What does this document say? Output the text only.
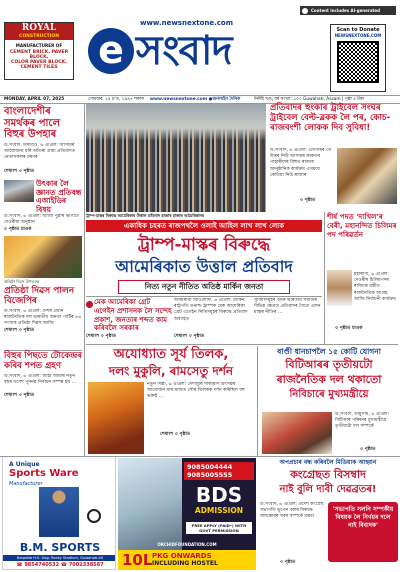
ROYAL
CONSTRUCTION
MANUFACTURER OF
CEMENT BRICK, PAVER BLOCK,
COLOR PAVER BLOCK,
CEMENT TILES
www.newsnextone.com
e সংবাদ
Content includes AI-generated material
Scan to Donate
NEWSNEXTONE.COM
MONDAY, APRIL 07, 2025	সোমবাৰ, ২৪ চ’ত, ১৯৪৭ শকাব্দ www.newsnextone.com ●অনলাইন দৈনিক	নিৰ্দিষ্ট খণ্ড, বৰ্ষ সংখ্যা: ১০০ Guwahati, Assam | পৃষ্ঠা ৪ টকা
বাংলাদেশীৰ সমৰ্থকৰ পালে বিহুৰ উপহাৰ
উ.সংবাদ, মৰিগাঁও, ৬ এপ্ৰিল: আসামৰ আয়োজনা ধৰি আঁতৰা গ্ৰাম্য প্ৰতিবাদত নেতাসকলৰ ধৰণৰ
শেষাংশ ৩ পৃষ্ঠাত
উৎকাৰ লৈ জ্ঞানত প্ৰতিবন্ধ এআইডিৰ বিষয়
উ.সংবাদ, ৬ এপ্ৰিল: আজি পুৱাৰ ভাগতে দেওৰীয়া অনুষ্ঠান
৩ পৃষ্ঠাত চাওক
প্ৰতিষ্ঠা দিৱস উপলক্ষে
প্ৰতিষ্ঠা দিৱস পালন বিজেপিৰ
উ.সংবাদ, ৬ এপ্ৰিল: দেশৰ প্ৰধান ৰাজনৈতিক দল ভাৰতীয় জনতা পাৰ্টিৰ ৪৬ সংখ্যক প্ৰতিষ্ঠা দিৱস আজি
শেষাংশ ৩ পৃষ্ঠাত
বিহুৰ পিছতে টোকেন্দ্ৰৰ কৰিব শপত গ্ৰহণ
উ.সংবাদ, ৬ এপ্ৰিল: আহা আমাৰ নতুন বছৰ গণেশ পুনৰ্নৱ নিৰ্বাচন সম্পন্ন হয় ...
শেষাংশ ৩ পৃষ্ঠাত
A Unique
Sports Ware
Manufacturer
B.M. SPORTS
Barpatia H.S. Gap, Rocky Stadium, Guwahati-40
☎ 9854740532 ☎ 7002338587
ট্ৰাম্প-মাস্কৰ বিৰুদ্ধে আমেৰিকাৰ উত্তাল প্ৰতিবাদ হাজাৰ হাজাৰ আমেৰিকানৰ
প্ৰতিবাদৰ হুংকাৰ ট্ৰাইবেল সংঘৰ ট্ৰাইবেল বেল্ট-ব্লকক লৈ পৰ, কোচ-ৰাজবংশী লোকক দিব সুবিধা!
উ.সংবাদ, ৬ এপ্ৰিল: এসপাৰৰ তৈ উত্তৰ নিউ আসামৰ কাকতৰ পাহাৰীয়াৰ বিহুত ৰাজ্যৰ আনুষ্ঠানিক কাৰ্যক্ৰম এসময়ে কেতিয়া নিউ ৰাজ্যৰ
৩ পৃষ্ঠাত
একাধিক চহৰত ৰাজপথলৈ ওলাই আহিল লাখ লাখ লোক
ট্ৰাম্প-মাস্কৰ বিৰুদ্ধে
আমেৰিকাত উত্তাল প্ৰতিবাদ
নিত্য নতুন নীতিত অতিষ্ঠ মাৰ্কিন জনতা
শীৰ্ষ পদত 'দাখিল'ৰ বেৰী, মহানন্দিত চিলিমৰ পদ পৰিৱৰ্তন
মহাৰাণী, ৬ এপ্ৰিল: দেওৰীৰ চিলিমপদৰ ৰাজ্যিক মন্ত্ৰীত ৰাজনৈতিক আগ্ৰহ আজি নিৰ্বাচনী কাৰ্যক্ৰম
৩ পৃষ্ঠাত চাওক
মেক আমেৰিকা গ্ৰেট এগেইন প্ৰশাসনক লৈ সন্দেহ প্ৰকাশ, জনতাৰ শব্দত কাম কৰিবলৈ সৰকাৰ
শেষাংশ ৩ পৃষ্ঠাত
অসমৰীয়া জিওগ্ৰাফি, ৬ এপ্ৰিল: মাৰ্কিন ৰাষ্ট্ৰপতি ডনাল্ড ট্ৰাম্পক মেক আমেৰিকা গ্ৰেট এগেইন নিতিসমূহৰ বিৰুদ্ধে প্ৰতিবাদ অব্যাহত
শেষাংশ ৩ পৃষ্ঠাত
সুবিধাসমূহৰ আৰু ভাৰতীয় সমাজৰ বিভিন্ন ক্ষেত্ৰত প্ৰতিবাদৰ সৈতে এলন মাস্কৰ নীতিৰ ...
অযোধ্যাত সূৰ্য তিলক,
দলং মুকুলি, ৰামসেতু দৰ্শন
নতুন দিল্লী, ৬ এপ্ৰিল: দেশজুৰি শাক্যমণি উৎসৱৰ আয়োজন যাৰ মাজত সৌৰ তিলকক দৰ্শন কৰিছিল বহু ভক্তই ...
শেষাংশ ৩ পৃষ্ঠাত
বাণ্ডী ধানচাপলৈ ১৫ কোটি যোগনা
বিটিআৰৰ তৃতীয়টো
ৰাজনৈতিক দল থকাতো
নিবিচাৰে মুখ্যমন্ত্ৰীয়ে
উ.সংবাদ, ডামুগাম, ৬ এপ্ৰিল: বিটিআৰ পৰিষদৰ মুখ্যমন্ত্ৰীয়ে তৃতীয়টো দল সম্পৰ্কে
৩ পৃষ্ঠাত
9085004444 9085005555
BDS
ADMISSION
FREE APPLY (PAID*) WITH GOVT PERMISSION
ORCHIDFOUNDATION.COM
10L PKG ONWARDS
INCLUDING HOSTEL
অপপ্ৰচাৰ বন্ধ কৰিবলৈ মিডিয়াক আহ্বান
কংগ্ৰেছত বিসম্বাদ
নাই বুলি দাবী দেৱব্ৰতৰ!
উ.সংবাদ, ৬ এপ্ৰিল: প্ৰদেশ কংগ্ৰেছ সভাপতি ভূপেন বৰাৰ বিৰুদ্ধে অসন্তোষৰ খবৰ সম্পৰ্কে মন্তব্য
৩ পৃষ্ঠাত
'সভাপতি সলনি সম্পৰ্কীয় বিষয়ক লৈ নিৰ্ণয়ৰ দলে নাই বিবাদক'
